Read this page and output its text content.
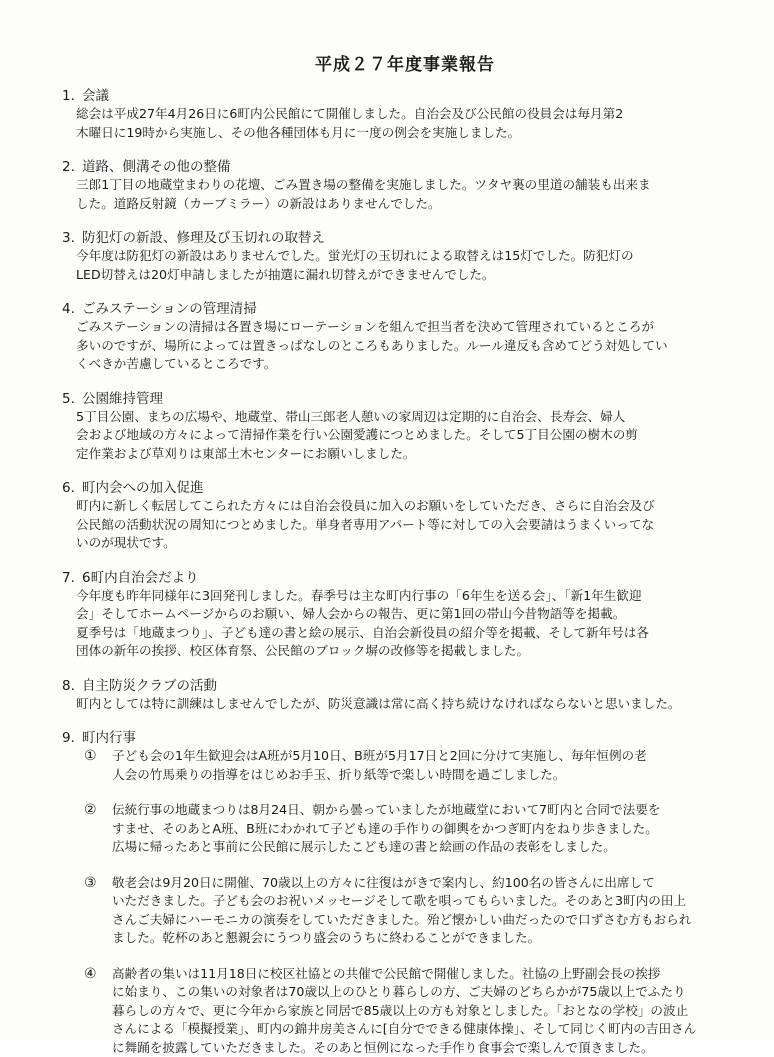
平成２７年度事業報告

1. 会議

総会は平成27年4月26日に6町内公民館にて開催しました。自治会及び公民館の役員会は毎月第2

木曜日に19時から実施し、その他各種団体も月に一度の例会を実施しました。

2. 道路、側溝その他の整備

三郎1丁目の地蔵堂まわりの花壇、ごみ置き場の整備を実施しました。ツタヤ裏の里道の舗装も出来ま

した。道路反射鏡（カーブミラー）の新設はありませんでした。

3. 防犯灯の新設、修理及び玉切れの取替え

今年度は防犯灯の新設はありませんでした。蛍光灯の玉切れによる取替えは15灯でした。防犯灯の

LED切替えは20灯申請しましたが抽選に漏れ切替えができませんでした。

4. ごみステーションの管理清掃

ごみステーションの清掃は各置き場にローテーションを組んで担当者を決めて管理されているところが

多いのですが、場所によっては置きっぱなしのところもありました。ルール違反も含めてどう対処してい

くべきか苦慮しているところです。

5. 公園維持管理

5丁目公園、まちの広場や、地蔵堂、帯山三郎老人憩いの家周辺は定期的に自治会、長寿会、婦人

会および地域の方々によって清掃作業を行い公園愛護につとめました。そして5丁目公園の樹木の剪

定作業および草刈りは東部土木センターにお願いしました。

6. 町内会への加入促進

町内に新しく転居してこられた方々には自治会役員に加入のお願いをしていただき、さらに自治会及び

公民館の活動状況の周知につとめました。単身者専用アパート等に対しての入会要請はうまくいってな

いのが現状です。

7. 6町内自治会だより

今年度も昨年同様年に3回発刊しました。春季号は主な町内行事の「6年生を送る会」、「新1年生歓迎

会」そしてホームページからのお願い、婦人会からの報告、更に第1回の帯山今昔物語等を掲載。

夏季号は「地蔵まつり」、子ども達の書と絵の展示、自治会新役員の紹介等を掲載、そして新年号は各

団体の新年の挨拶、校区体育祭、公民館のブロック塀の改修等を掲載しました。

8. 自主防災クラブの活動

町内としては特に訓練はしませんでしたが、防災意識は常に高く持ち続けなければならないと思いました。

9. 町内行事

①	子ども会の1年生歓迎会はA班が5月10日、B班が5月17日と2回に分けて実施し、毎年恒例の老

人会の竹馬乗りの指導をはじめお手玉、折り紙等で楽しい時間を過ごしました。

②	伝統行事の地蔵まつりは8月24日、朝から曇っていましたが地蔵堂において7町内と合同で法要を

すませ、そのあとA班、B班にわかれて子ども達の手作りの御輿をかつぎ町内をねり歩きました。

広場に帰ったあと事前に公民館に展示したこども達の書と絵画の作品の表彰をしました。

③	敬老会は9月20日に開催、70歳以上の方々に往復はがきで案内し、約100名の皆さんに出席して

いただきました。子ども会のお祝いメッセージそして歌を唄ってもらいました。そのあと3町内の田上

さんご夫婦にハーモニカの演奏をしていただきました。殆ど懐かしい曲だったので口ずさむ方もおられ

ました。乾杯のあと懇親会にうつり盛会のうちに終わることができました。

④	高齢者の集いは11月18日に校区社協との共催で公民館で開催しました。社協の上野副会長の挨拶

に始まり、この集いの対象者は70歳以上のひとり暮らしの方、ご夫婦のどちらかが75歳以上でふたり

暮らしの方々で、更に今年から家族と同居で85歳以上の方も対象としました。「おとなの学校」の波止

さんによる「模擬授業」、町内の錦井房美さんに[自分でできる健康体操」、そして同じく町内の吉田さん

に舞踊を披露していただきました。そのあと恒例になった手作り食事会で楽しんで頂きました。
